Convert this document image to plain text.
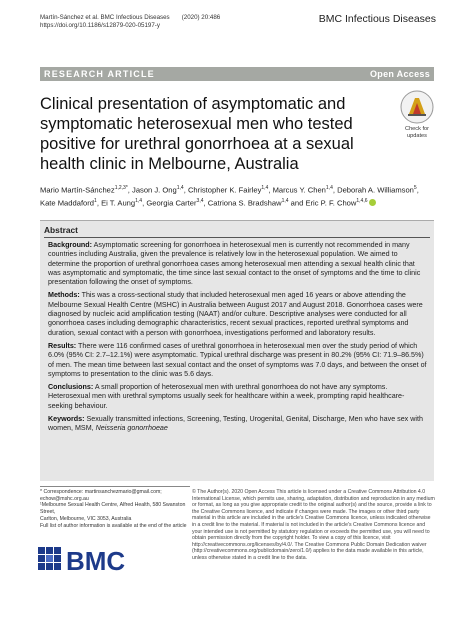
Martín-Sánchez et al. BMC Infectious Diseases (2020) 20:486
https://doi.org/10.1186/s12879-020-05197-y
BMC Infectious Diseases
RESEARCH ARTICLE	Open Access
Clinical presentation of asymptomatic and symptomatic heterosexual men who tested positive for urethral gonorrhoea at a sexual health clinic in Melbourne, Australia
Check for
updates
Mario Martín-Sánchez$^{1,2,3*}$, Jason J. Ong$^{1,4}$, Christopher K. Fairley$^{1,4}$, Marcus Y. Chen$^{1,4}$, Deborah A. Williamson$^5$, Kate Maddaford$^1$, Ei T. Aung$^{1,4}$, Georgia Carter$^{3,4}$, Catriona S. Bradshaw$^{1,4}$ and Eric P. F. Chow$^{1,4,6}$
Abstract

Background: Asymptomatic screening for gonorrhoea in heterosexual men is currently not recommended in many countries including Australia, given the prevalence is relatively low in the heterosexual population. We aimed to determine the proportion of urethral gonorrhoea cases among heterosexual men attending a sexual health clinic that was asymptomatic and symptomatic, the time since last sexual contact to the onset of symptoms and the time to clinic presentation following the onset of symptoms.

Methods: This was a cross-sectional study that included heterosexual men aged 16 years or above attending the Melbourne Sexual Health Centre (MSHC) in Australia between August 2017 and August 2018. Gonorrhoea cases were diagnosed by nucleic acid amplification testing (NAAT) and/or culture. Descriptive analyses were conducted for all gonorrhoea cases including demographic characteristics, recent sexual practices, reported urethral symptoms and duration, sexual contact with a person with gonorrhoea, investigations performed and laboratory results.

Results: There were 116 confirmed cases of urethral gonorrhoea in heterosexual men over the study period of which 6.0% (95% CI: 2.7–12.1%) were asymptomatic. Typical urethral discharge was present in 80.2% (95% CI: 71.9–86.5%) of men. The mean time between last sexual contact and the onset of symptoms was 7.0 days, and between the onset of symptoms to presentation to the clinic was 5.6 days.

Conclusions: A small proportion of heterosexual men with urethral gonorrhoea do not have any symptoms. Heterosexual men with urethral symptoms usually seek for healthcare within a week, prompting rapid healthcare-seeking behaviour.

Keywords: Sexually transmitted infections, Screening, Testing, Urogenital, Genital, Discharge, Men who have sex with women, MSM, Neisseria gonorrhoeae

* Correspondence: martinsanchezmario@gmail.com; echow@mshc.org.au
¹Melbourne Sexual Health Centre, Alfred Health, 580 Swanston Street,
Carlton, Melbourne, VIC 3053, Australia
Full list of author information is available at the end of the article
BMC
© The Author(s). 2020 Open Access This article is licensed under a Creative Commons Attribution 4.0 International License, which permits use, sharing, adaptation, distribution and reproduction in any medium or format, as long as you give appropriate credit to the original author(s) and the source, provide a link to the Creative Commons licence, and indicate if changes were made. The images or other third party material in this article are included in the article's Creative Commons licence, unless indicated otherwise in a credit line to the material. If material is not included in the article's Creative Commons licence and your intended use is not permitted by statutory regulation or exceeds the permitted use, you will need to obtain permission directly from the copyright holder. To view a copy of this licence, visit http://creativecommons.org/licenses/by/4.0/. The Creative Commons Public Domain Dedication waiver (http://creativecommons.org/publicdomain/zero/1.0/) applies to the data made available in this article, unless otherwise stated in a credit line to the data.
